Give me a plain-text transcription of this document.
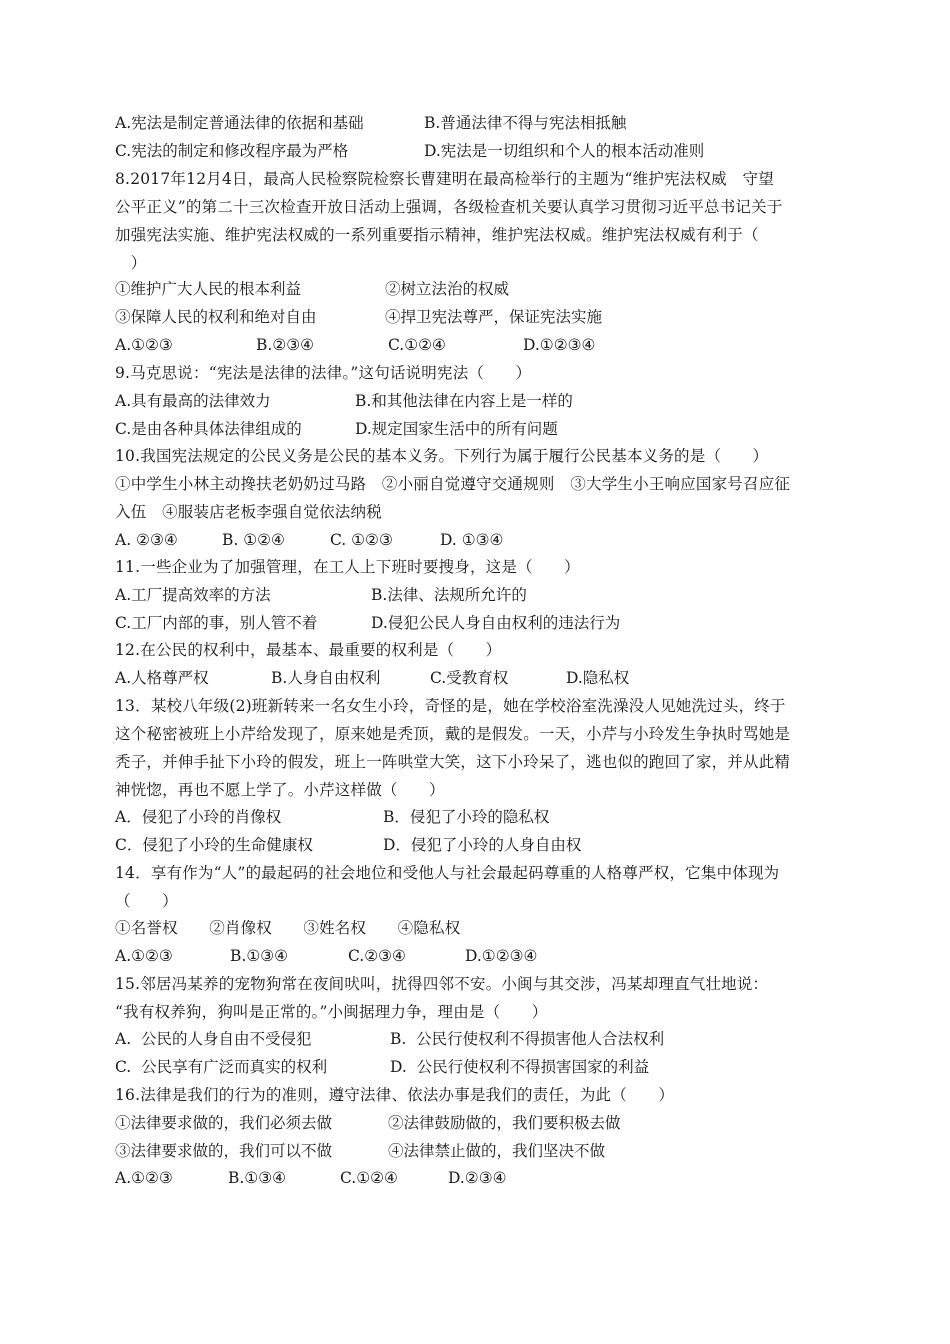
A.宪法是制定普通法律的依据和基础	B.普通法律不得与宪法相抵触
C.宪法的制定和修改程序最为严格	D.宪法是一切组织和个人的根本活动准则
8.2017年12月4日，最高人民检察院检察长曹建明在最高检举行的主题为“维护宪法权威　守望
公平正义”的第二十三次检查开放日活动上强调，各级检查机关要认真学习贯彻习近平总书记关于
加强宪法实施、维护宪法权威的一系列重要指示精神，维护宪法权威。维护宪法权威有利于（
　）
①维护广大人民的根本利益	②树立法治的权威
③保障人民的权利和绝对自由	④捍卫宪法尊严，保证宪法实施
A.①②③	B.②③④	C.①②④	D.①②③④
9.马克思说：“宪法是法律的法律。”这句话说明宪法（　　）
A.具有最高的法律效力	B.和其他法律在内容上是一样的
C.是由各种具体法律组成的	D.规定国家生活中的所有问题
10.我国宪法规定的公民义务是公民的基本义务。下列行为属于履行公民基本义务的是（　　）
①中学生小林主动搀扶老奶奶过马路　②小丽自觉遵守交通规则　③大学生小王响应国家号召应征
入伍　④服装店老板李强自觉依法纳税
A. ②③④	B. ①②④	C. ①②③	D. ①③④
11.一些企业为了加强管理，在工人上下班时要搜身，这是（　　）
A.工厂提高效率的方法	B.法律、法规所允许的
C.工厂内部的事，别人管不着	D.侵犯公民人身自由权利的违法行为
12.在公民的权利中，最基本、最重要的权利是（　　）
A.人格尊严权	B.人身自由权利	C.受教育权	D.隐私权
13．某校八年级(2)班新转来一名女生小玲，奇怪的是，她在学校浴室洗澡没人见她洗过头，终于
这个秘密被班上小芹给发现了，原来她是秃顶，戴的是假发。一天，小芹与小玲发生争执时骂她是
秃子，并伸手扯下小玲的假发，班上一阵哄堂大笑，这下小玲呆了，逃也似的跑回了家，并从此精
神恍惚，再也不愿上学了。小芹这样做（　　）
A．侵犯了小玲的肖像权	B．侵犯了小玲的隐私权
C．侵犯了小玲的生命健康权	D．侵犯了小玲的人身自由权
14．享有作为“人”的最起码的社会地位和受他人与社会最起码尊重的人格尊严权，它集中体现为
（　　）
①名誉权　　②肖像权　　③姓名权　　④隐私权
A.①②③	B.①③④	C.②③④	D.①②③④
15.邻居冯某养的宠物狗常在夜间吠叫，扰得四邻不安。小闽与其交涉，冯某却理直气壮地说：
“我有权养狗，狗叫是正常的。”小闽据理力争，理由是（　　）
A.  公民的人身自由不受侵犯	B.  公民行使权利不得损害他人合法权利
C.  公民享有广泛而真实的权利	D.  公民行使权利不得损害国家的利益
16.法律是我们的行为的准则，遵守法律、依法办事是我们的责任，为此（　　）
①法律要求做的，我们必须去做	②法律鼓励做的，我们要积极去做
③法律要求做的，我们可以不做	④法律禁止做的，我们坚决不做
A.①②③	B.①③④	C.①②④	D.②③④
